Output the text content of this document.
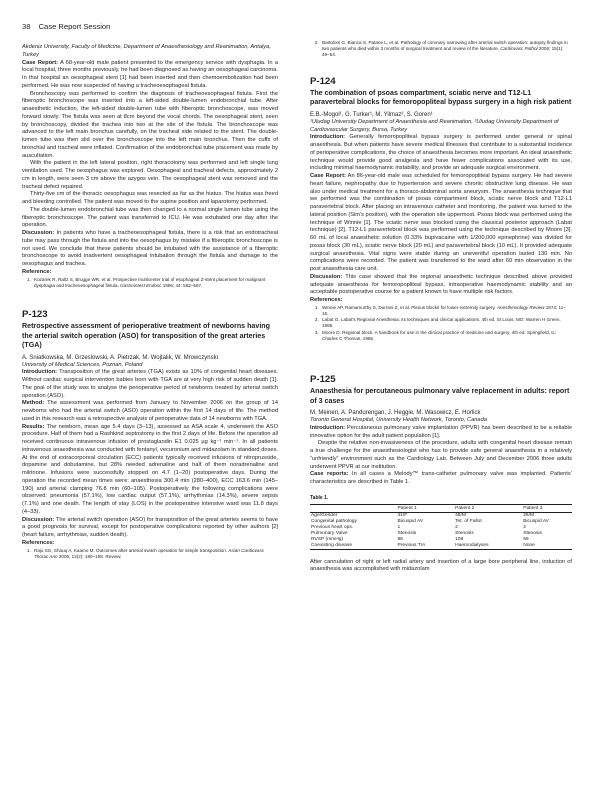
38 Case Report Session
Akdeniz University, Faculty of Medicine, Department of Anaesthesiology and Reanimation, Antalya, Turkey

Case Report: A 68-year-old male patient presented to the emergency service with dysphagia. In a local hospital, three months previously, he had been diagnosed as having an oesophageal carcinoma. In that hospital an oesophageal stent [1] had been inserted and then chemoembolization had been performed. He was now suspected of having a tracheoesophageal fistula.

Bronchoscopy was performed to confirm the diagnosis of tracheoesophageal fistula. First the fiberoptic bronchoscope was inserted into a left-sided double-lumen endobronchial tube. After anaesthetic induction, the left-sided double-lumen tube with fiberoptic bronchoscope, was moved forward slowly. The fistula was seen at 8cm beyond the vocal chords. The oesophageal stent, seen by bronchoscopy, divided the trachea into two at the site of the fistula. The bronchoscope was advanced to the left main bronchus carefully, on the tracheal side related to the stent. The double-lumen tube was then slid over the bronchoscope into the left main bronchus. Then the cuffs of bronchial and tracheal were inflated. Confirmation of the endobronchial tube placement was made by auscultation.

With the patient in the left lateral position, right thoracotomy was performed and left single lung ventilation used. The oesophagus was explored. Oesophageal and tracheal defects, approximately 2 cm in length, were seen 3 cm above the azygos vein. The oesophageal stent was removed and the tracheal defect repaired.

Thirty-five cm of the thoracic oesophagus was resected as far as the hiatus. The hiatus was freed and bleeding controlled. The patient was moved to the supine position and laparotomy performed.

The double-lumen endobronchial tube was then changed to a normal single lumen tube using the fiberoptic bronchoscope. The patient was transferred to ICU. He was extubated one day after the operation.

Discussion: In patients who have a tracheoesophageal fistula, there is a risk that an endotracheal tube may pass through the fistula and into the oesophagus by mistake if a fiberoptic bronchoscope is not used. We conclude that these patients should be intubated with the assistance of a fiberoptic bronchoscope to avoid inadvertent oesophageal intubation through the fistula and damage to the oesophagus and trachea.

Reference:
1. Kozarek R, Raltz S, Brugge WR, et al. Prospective multicenter trial of esophageal Z-stent placement for malignant dysphagia and tracheoesophageal fistula. Gastrointest Endosc 1996; 44: 562–567.
P-123
Retrospective assessment of perioperative treatment of newborns having the arterial switch operation (ASO) for transposition of the great arteries (TGA)
A. Sniatkowska, M. Grzeslowski, A. Pietrzak, M. Wojtalik, W. Mrowczynski
University of Medical Sciences, Poznan, Poland

Introduction: Transposition of the great arteries (TGA) exists as 10% of congenital heart diseases. Without cardiac surgical intervention babies born with TGA are at very high risk of sudden death [1]. The goal of the study was to analyse the perioperative period of newborns treated by arterial switch operation (ASO).

Method: The assessment was performed from January to November 2006 on the group of 14 newborns who had the arterial switch (ASO) operation within the first 14 days of life. The method used in this research was a retrospective analysis of perioperative data of 14 newborns with TGA.

Results: The newborn, mean age 5.4 days (3–13), assessed as ASA scale 4, underwent the ASO procedure. Half of them had a Rashkind septostomy in the first 2 days of life. Before the operation all received continuous intravenous infusion of prostaglandin E1 0.025 µg kg⁻¹ min⁻¹. In all patients intravenous anaesthesia was conducted with fentanyl, vecuronium and midazolam in standard doses. At the end of extracorporeal circulation (ECC) patients typically received infusions of nitroprusside, dopamine and dobutamine, but 28% needed adrenaline and half of them noradrenaline and milrinone. Infusions were successfully stopped on 4.7 (1–20) postoperative days. During the operation the recorded mean times were: anaesthesia 300.4 min (280–400), ECC 163.6 min (145–190) and arterial clamping 76.8 min (60–105). Postoperatively the following complications were observed: pneumonia (57.1%), low cardiac output (57.1%), arrhythmias (14.3%), severe sepsis (7.1%) and one death. The length of stay (LOS) in the postoperative intensive ward was 11.8 days (4–33).

Discussion: The arterial switch operation (ASO) for transposition of the great arteries seems to have a good prognosis for survival, except for postoperative complications reported by other authors [2] (heart failure, arrhythmias, sudden death).

References:
1. Raju SG, Shauq A, Kaamo M. Outcomes after arterial switch operation for simple transposition. Asian Cardiovasc Thorac Ann 2005; 13(2): 190–198. Review.
2. Bartoloni G, Bianca S, Patane L, et al. Pathology of coronary narrowing after arterial switch operation: autopsy findings in two patients who died within 3 months of surgical treatment and review of the literature. Cardiovasc Pathol 2006; 15(1): 49–54.
P-124
The combination of psoas compartment, sciatic nerve and T12-L1 paravertebral blocks for femoropopliteal bypass surgery in a high risk patient
E.B.-Mogol¹, G. Turker¹, M. Yilmaz², S. Goren¹
¹Uludag University Department of Anaesthesia and Reanimation, ²Uludag University Department of Cardiovascular Surgery, Bursa, Turkey

Introduction: Generally femoropopliteal bypass surgery is performed under general or spinal anaesthesia. But when patients have severe medical illnesses that contribute to a substantial incidence of perioperative complications, the choice of anaesthesia becomes more important. An ideal anaesthetic technique would provide good analgesia and have fewer complications associated with its use, including minimal haemodynamic instability, and provide an adequate surgical environment.

Case Report: An 86-year-old male was scheduled for femoropopliteal bypass surgery. He had severe heart failure, nephropathy due to hypertension and severe chronic obstructive lung disease. He was also under medical treatment for a thoraco-abdominal aorta aneurysm. The anaesthesia technique that we performed was the combination of psoas compartment block, sciatic nerve block and T12-L1 paravertebral block. After placing an intravenous catheter and monitoring, the patient was turned to the lateral position (Sim's position), with the operation site uppermost. Psoas block was performed using the technique of Winnie [1]. The sciatic nerve was blocked using the classical posterior approach (Labat technique) [2]. T12-L1 paravertebral block was performed using the technique described by Moore [3]. 60 mL of local anaesthetic solution (0.33% bupivacaine with 1/200,000 epinephrine) was divided for psoas block (30 mL), sciatic nerve block (20 mL) and paravertebral block (10 mL). It provided adequate surgical anaesthesia. Vital signs were stable during an uneventful operation lasted 130 min. No complications were recorded. The patient was transferred to the ward after 60 min observation in the post anaesthesia care unit.

Discussion: This case showed that the regional anaesthetic technique described above provided adequate anaesthesia for femoropopliteal bypass, intraoperative haemodynamic stability and an acceptable postoperative course for a patient known to have multiple risk factors.

References:
1. Winnie AP, Ramamurthy S, Durrani Z, et al. Plexus blocks for lower extremity surgery. Anesthesiology Review 1974; 11–16.
2. Labat G. Labat's Regional Anesthesia: its techniques and clinical applications. 4th ed. St Louis, MO: Warren H Green, 1985.
3. Moore D. Regional block. A handbook for use in the clinical practice of medicine and surgery, 4th ed. Springfield, IL: Charles C Thomas, 1965.
P-125
Anaesthesia for percutaneous pulmonary valve replacement in adults: report of 3 cases
M. Meineri, A. Pandurengan, J. Heggie, M. Wasowicz, E. Horlick
Toronto General Hospital, University Health Network, Toronto, Canada

Introduction: Percutaneous pulmonary valve implantation (PPVR) has been described to be a reliable innovative option for the adult patient population [1].

Despite the relative non-invasiveness of the procedure, adults with congenital heart disease remain a true challenge for the anaesthesiologist who has to provide safe general anaesthesia in a relatively “unfriendly” environment such as the Cardiology Lab. Between July and December 2006 three adults underwent PPVR at our institution.

Case reports: In all cases a Melody™ trans-catheter pulmonary valve was implanted. Patients’ characteristics are described in Table 1.

Table 1.
	Patient 1	Patient 2	Patient 3
Age/Gender	41/F	46/M	26/M
Congenital pathology	Bicuspid AV	Tet. of Fallot	Bicuspid AV
Previous heart ops.	1	2	2
Pulmonary Valve	Stenosis	Stenosis	Stenosis
RVSP (mmHg)	88	108	59
Coexisting disease	Previous TIA	Haemodialyses	None

After cannulation of right or left radial artery and insertion of a large bore peripheral line, induction of anaesthesia was accomplished with midazolam
